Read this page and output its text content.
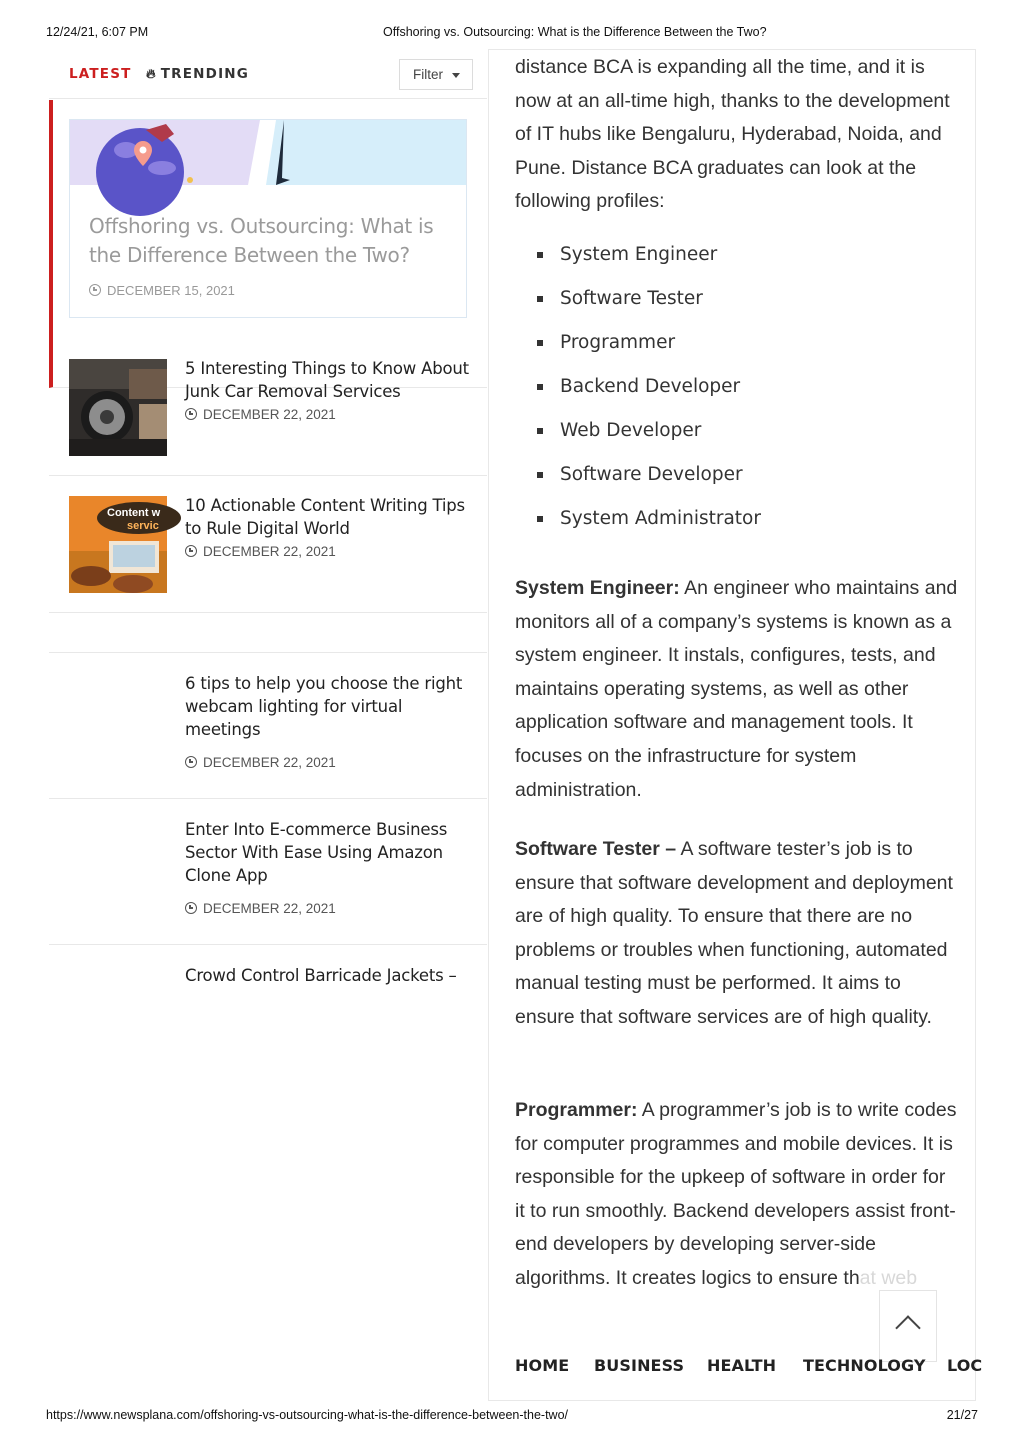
12/24/21, 6:07 PM	Offshoring vs. Outsourcing: What is the Difference Between the Two?
LATEST 🔥︎ TRENDING	Filter
Offshoring vs. Outsourcing: What is the Difference Between the Two?
DECEMBER 15, 2021
5 Interesting Things to Know About Junk Car Removal Services
DECEMBER 22, 2021
Content w
servic
10 Actionable Content Writing Tips to Rule Digital World
DECEMBER 22, 2021
6 tips to help you choose the right webcam lighting for virtual meetings
DECEMBER 22, 2021
Enter Into E-commerce Business Sector With Ease Using Amazon Clone App
DECEMBER 22, 2021
Crowd Control Barricade Jackets –

distance BCA is expanding all the time, and it is now at an all-time high, thanks to the development of IT hubs like Bengaluru, Hyderabad, Noida, and Pune. Distance BCA graduates can look at the following profiles:

System Engineer
Software Tester
Programmer
Backend Developer
Web Developer
Software Developer
System Administrator

System Engineer: An engineer who maintains and monitors all of a company’s systems is known as a system engineer. It instals, configures, tests, and maintains operating systems, as well as other application software and management tools. It focuses on the infrastructure for system administration.

Software Tester – A software tester’s job is to ensure that software development and deployment are of high quality. To ensure that there are no problems or troubles when functioning, automated manual testing must be performed. It aims to ensure that software services are of high quality.

Programmer: A programmer’s job is to write codes for computer programmes and mobile devices. It is responsible for the upkeep of software in order for it to run smoothly. Backend developers assist front-end developers by developing server-side algorithms. It creates logics to ensure that web

HOME BUSINESS HEALTH TECHNOLOGY LOC
https://www.newsplana.com/offshoring-vs-outsourcing-what-is-the-difference-between-the-two/	21/27
